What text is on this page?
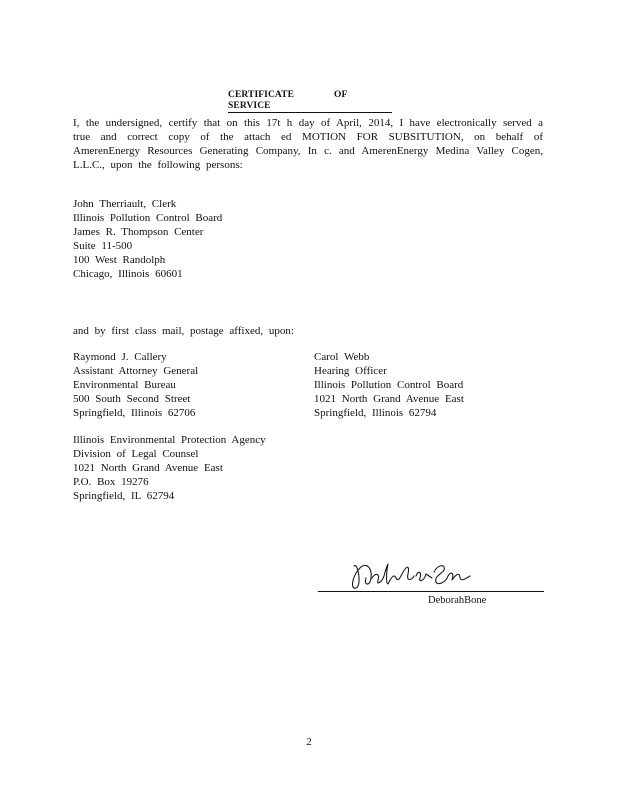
CERTIFICATE	OF SERVICE
I, the undersigned, certify that on this 17t h day of April, 2014, I have electronically served a true and correct copy of the attach ed MOTION FOR SUBSITUTION, on behalf of AmerenEnergy Resources Generating Company, In c. and AmerenEnergy Medina Valley Cogen, L.L.C., upon the following persons:
John Therriault, Clerk
Illinois Pollution Control Board
James R. Thompson Center
Suite 11-500
100 West Randolph
Chicago, Illinois 60601
and by first class mail, postage affixed, upon:
Raymond J. Callery
Assistant Attorney General
Environmental Bureau
500 South Second Street
Springfield, Illinois 62706
Carol Webb
Hearing Officer
Illinois Pollution Control Board
1021 North Grand Avenue East
Springfield, Illinois 62794
Illinois Environmental Protection Agency
Division of Legal Counsel
1021 North Grand Avenue East
P.O. Box 19276
Springfield, IL 62794
DeborahBone
2
